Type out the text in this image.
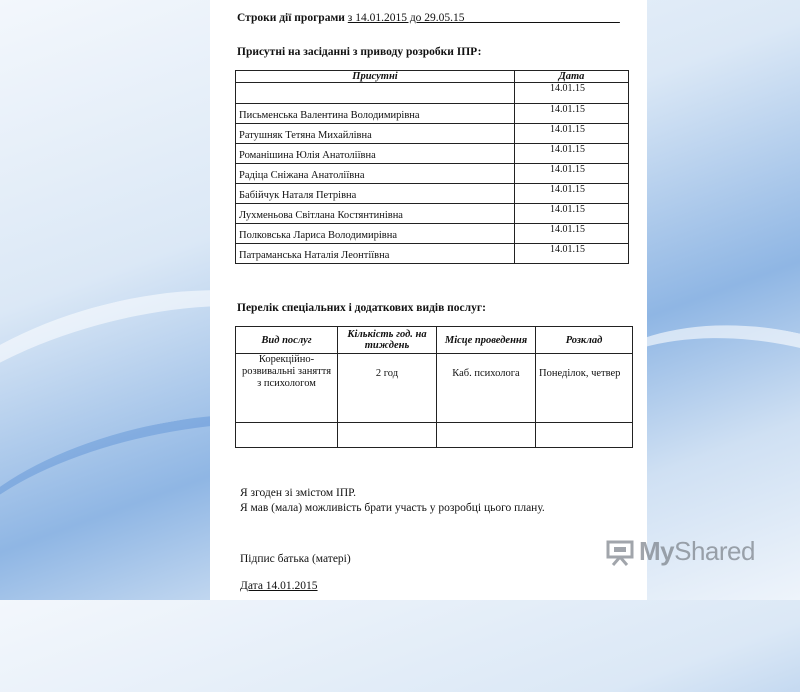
Строки дії програми з 14.01.2015 до 29.05.15___________________________
Присутні на засіданні з приводу розробки ІПР:
Присутні	Дата
	14.01.15
Письменська Валентина Володимирівна	14.01.15
Ратушняк Тетяна Михайлівна	14.01.15
Романішина Юлія Анатоліївна	14.01.15
Радіца Сніжана Анатоліївна	14.01.15
Бабійчук Наталя Петрівна	14.01.15
Лухменьова Світлана Костянтинівна	14.01.15
Полковська Лариса Володимирівна	14.01.15
Патраманська Наталія Леонтіївна	14.01.15
Перелік спеціальних і додаткових видів послуг:
Вид послуг	Кількість год. на тиждень	Місце проведення	Розклад
Корекційно-розвивальні заняття з психологом	2 год	Каб. психолога	Понеділок, четвер

Я згоден зі змістом ІПР.
Я мав (мала) можливість брати участь у розробці цього плану.
Підпис батька (матері)
Дата 14.01.2015
MyShared
